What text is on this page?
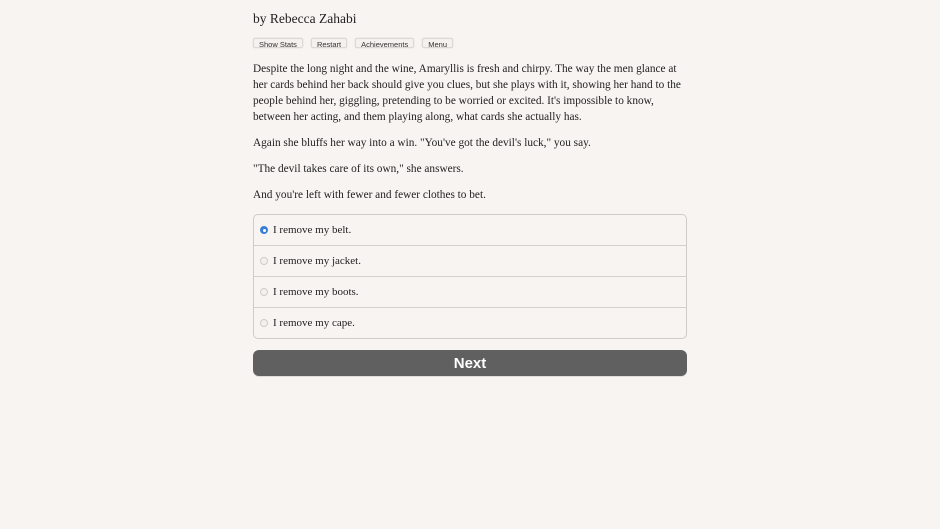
by Rebecca Zahabi
Show Stats	Restart	Achievements	Menu

Despite the long night and the wine, Amaryllis is fresh and chirpy. The way the men glance at her cards behind her back should give you clues, but she plays with it, showing her hand to the people behind her, giggling, pretending to be worried or excited. It's impossible to know, between her acting, and them playing along, what cards she actually has.

Again she bluffs her way into a win. "You've got the devil's luck," you say.

"The devil takes care of its own," she answers.

And you're left with fewer and fewer clothes to bet.

I remove my belt.
I remove my jacket.
I remove my boots.
I remove my cape.
Next
